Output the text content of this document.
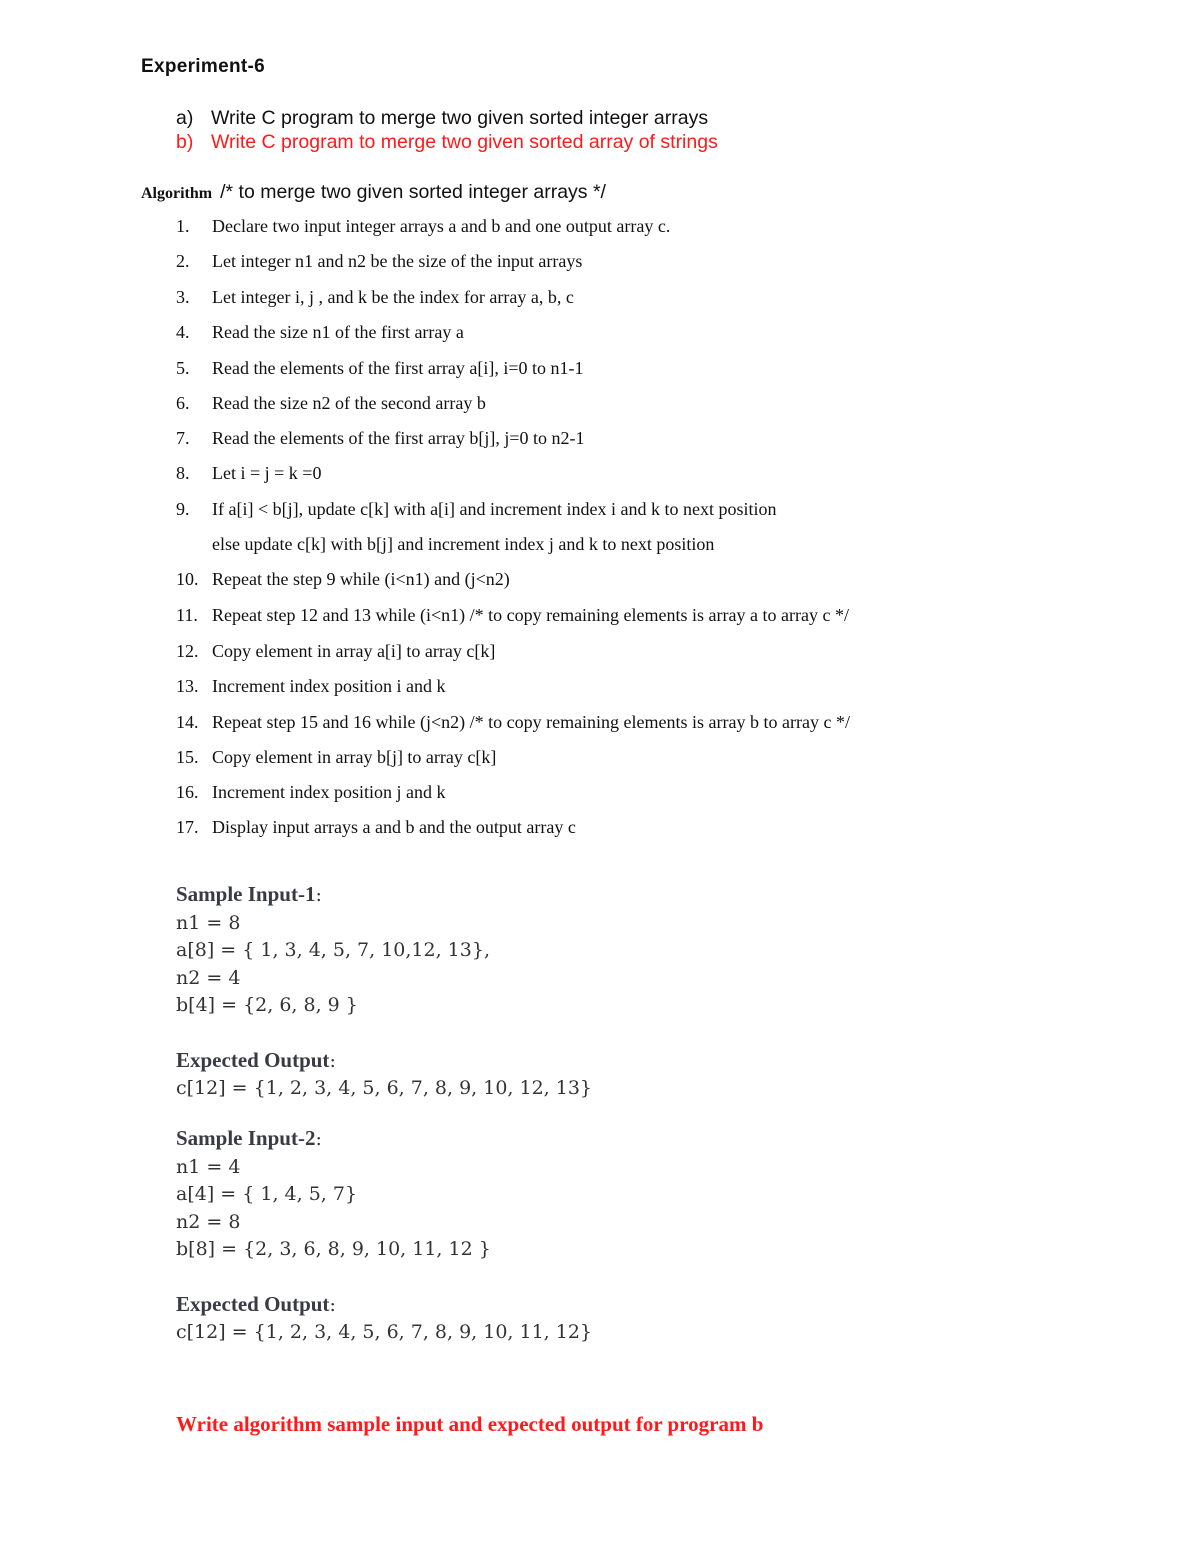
Experiment-6
a) Write C program to merge two given sorted integer arrays
b) Write C program to merge two given sorted array of strings
Algorithm /* to merge two given sorted integer arrays */
1.	Declare two input integer arrays a and b and one output array c.
2.	Let integer n1 and n2 be the size of the input arrays
3.	Let integer i, j , and k be the index for array a, b, c
4.	Read the size n1 of the first array a
5.	Read the elements of the first array a[i], i=0 to n1-1
6.	Read the size n2 of the second array b
7.	Read the elements of the first array b[j], j=0 to n2-1
8.	Let i = j = k =0
9.	If a[i] < b[j], update c[k] with a[i] and increment index i and k to next position
else update c[k] with b[j] and increment index j and k to next position
10. Repeat the step 9 while (i<n1) and (j<n2)
11. Repeat step 12 and 13 while (i<n1) /* to copy remaining elements is array a to array c */
12. Copy element in array a[i] to array c[k]
13. Increment index position i and k
14. Repeat step 15 and 16 while (j<n2) /* to copy remaining elements is array b to array c */
15. Copy element in array b[j] to array c[k]
16. Increment index position j and k
17. Display input arrays a and b and the output array c
Sample Input-1:
n1 = 8
a[8] = { 1, 3, 4, 5, 7, 10,12, 13},
n2 = 4
b[4] = {2, 6, 8, 9 }
Expected Output:
c[12] = {1, 2, 3, 4, 5, 6, 7, 8, 9, 10, 12, 13}
Sample Input-2:
n1 = 4
a[4] = { 1, 4, 5, 7}
n2 = 8
b[8] = {2, 3, 6, 8, 9, 10, 11, 12 }
Expected Output:
c[12] = {1, 2, 3, 4, 5, 6, 7, 8, 9, 10, 11, 12}
Write algorithm sample input and expected output for program b
